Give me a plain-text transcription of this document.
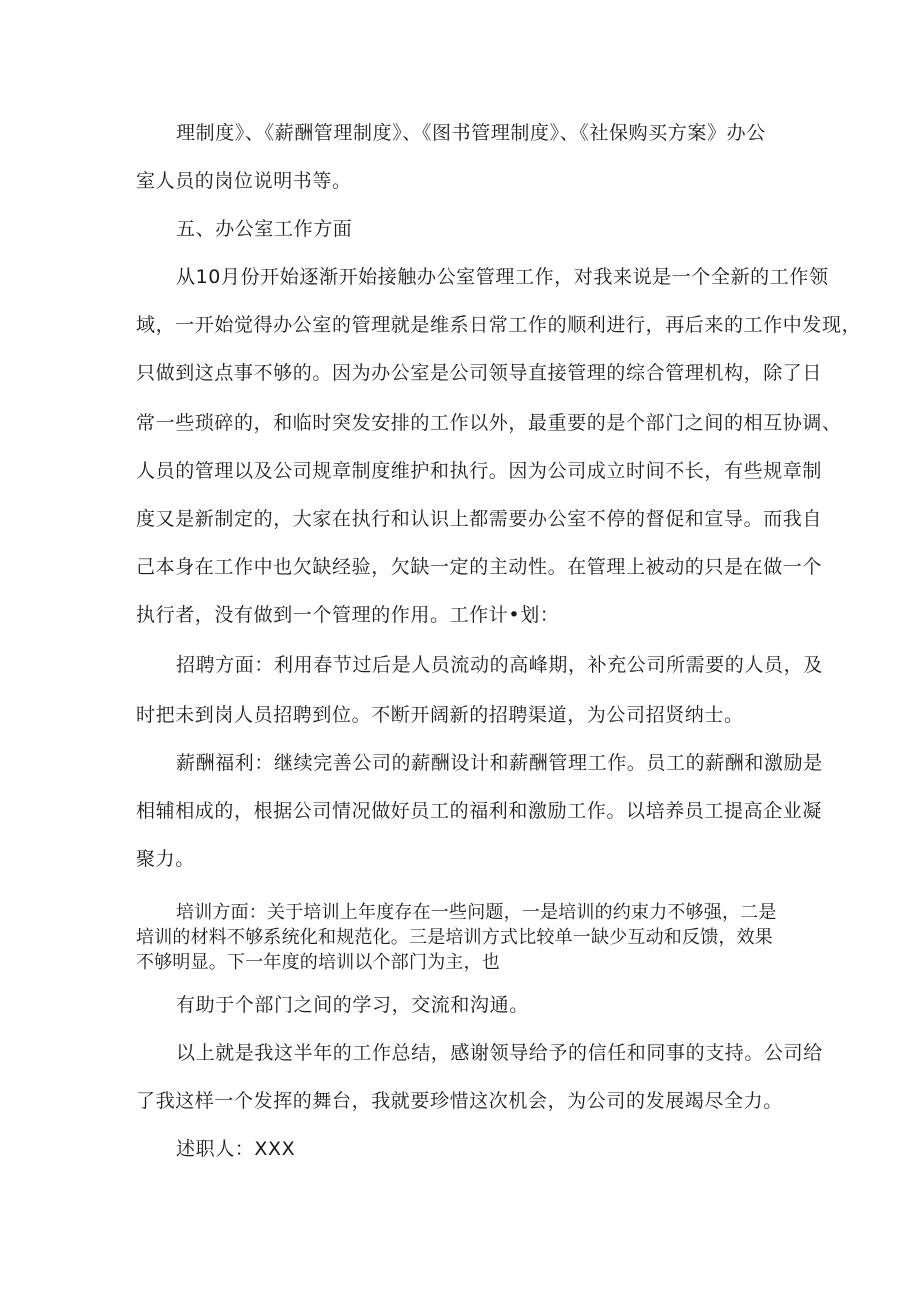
理制度》、《薪酬管理制度》、《图书管理制度》、《社保购买方案》办公

室人员的岗位说明书等。

五、办公室工作方面

从10月份开始逐渐开始接触办公室管理工作，对我来说是一个全新的工作领

域，一开始觉得办公室的管理就是维系日常工作的顺利进行，再后来的工作中发现，

只做到这点事不够的。因为办公室是公司领导直接管理的综合管理机构，除了日

常一些琐碎的，和临时突发安排的工作以外，最重要的是个部门之间的相互协调、

人员的管理以及公司规章制度维护和执行。因为公司成立时间不长，有些规章制

度又是新制定的，大家在执行和认识上都需要办公室不停的督促和宣导。而我自

己本身在工作中也欠缺经验，欠缺一定的主动性。在管理上被动的只是在做一个

执行者，没有做到一个管理的作用。工作计•划：

招聘方面：利用春节过后是人员流动的高峰期，补充公司所需要的人员，及

时把未到岗人员招聘到位。不断开阔新的招聘渠道，为公司招贤纳士。

薪酬福利：继续完善公司的薪酬设计和薪酬管理工作。员工的薪酬和激励是

相辅相成的，根据公司情况做好员工的福利和激励工作。以培养员工提高企业凝

聚力。

培训方面：关于培训上年度存在一些问题，一是培训的约束力不够强，二是
培训的材料不够系统化和规范化。三是培训方式比较单一缺少互动和反馈，效果
不够明显。下一年度的培训以个部门为主，也

有助于个部门之间的学习，交流和沟通。

以上就是我这半年的工作总结，感谢领导给予的信任和同事的支持。公司给

了我这样一个发挥的舞台，我就要珍惜这次机会，为公司的发展竭尽全力。

述职人：XXX
